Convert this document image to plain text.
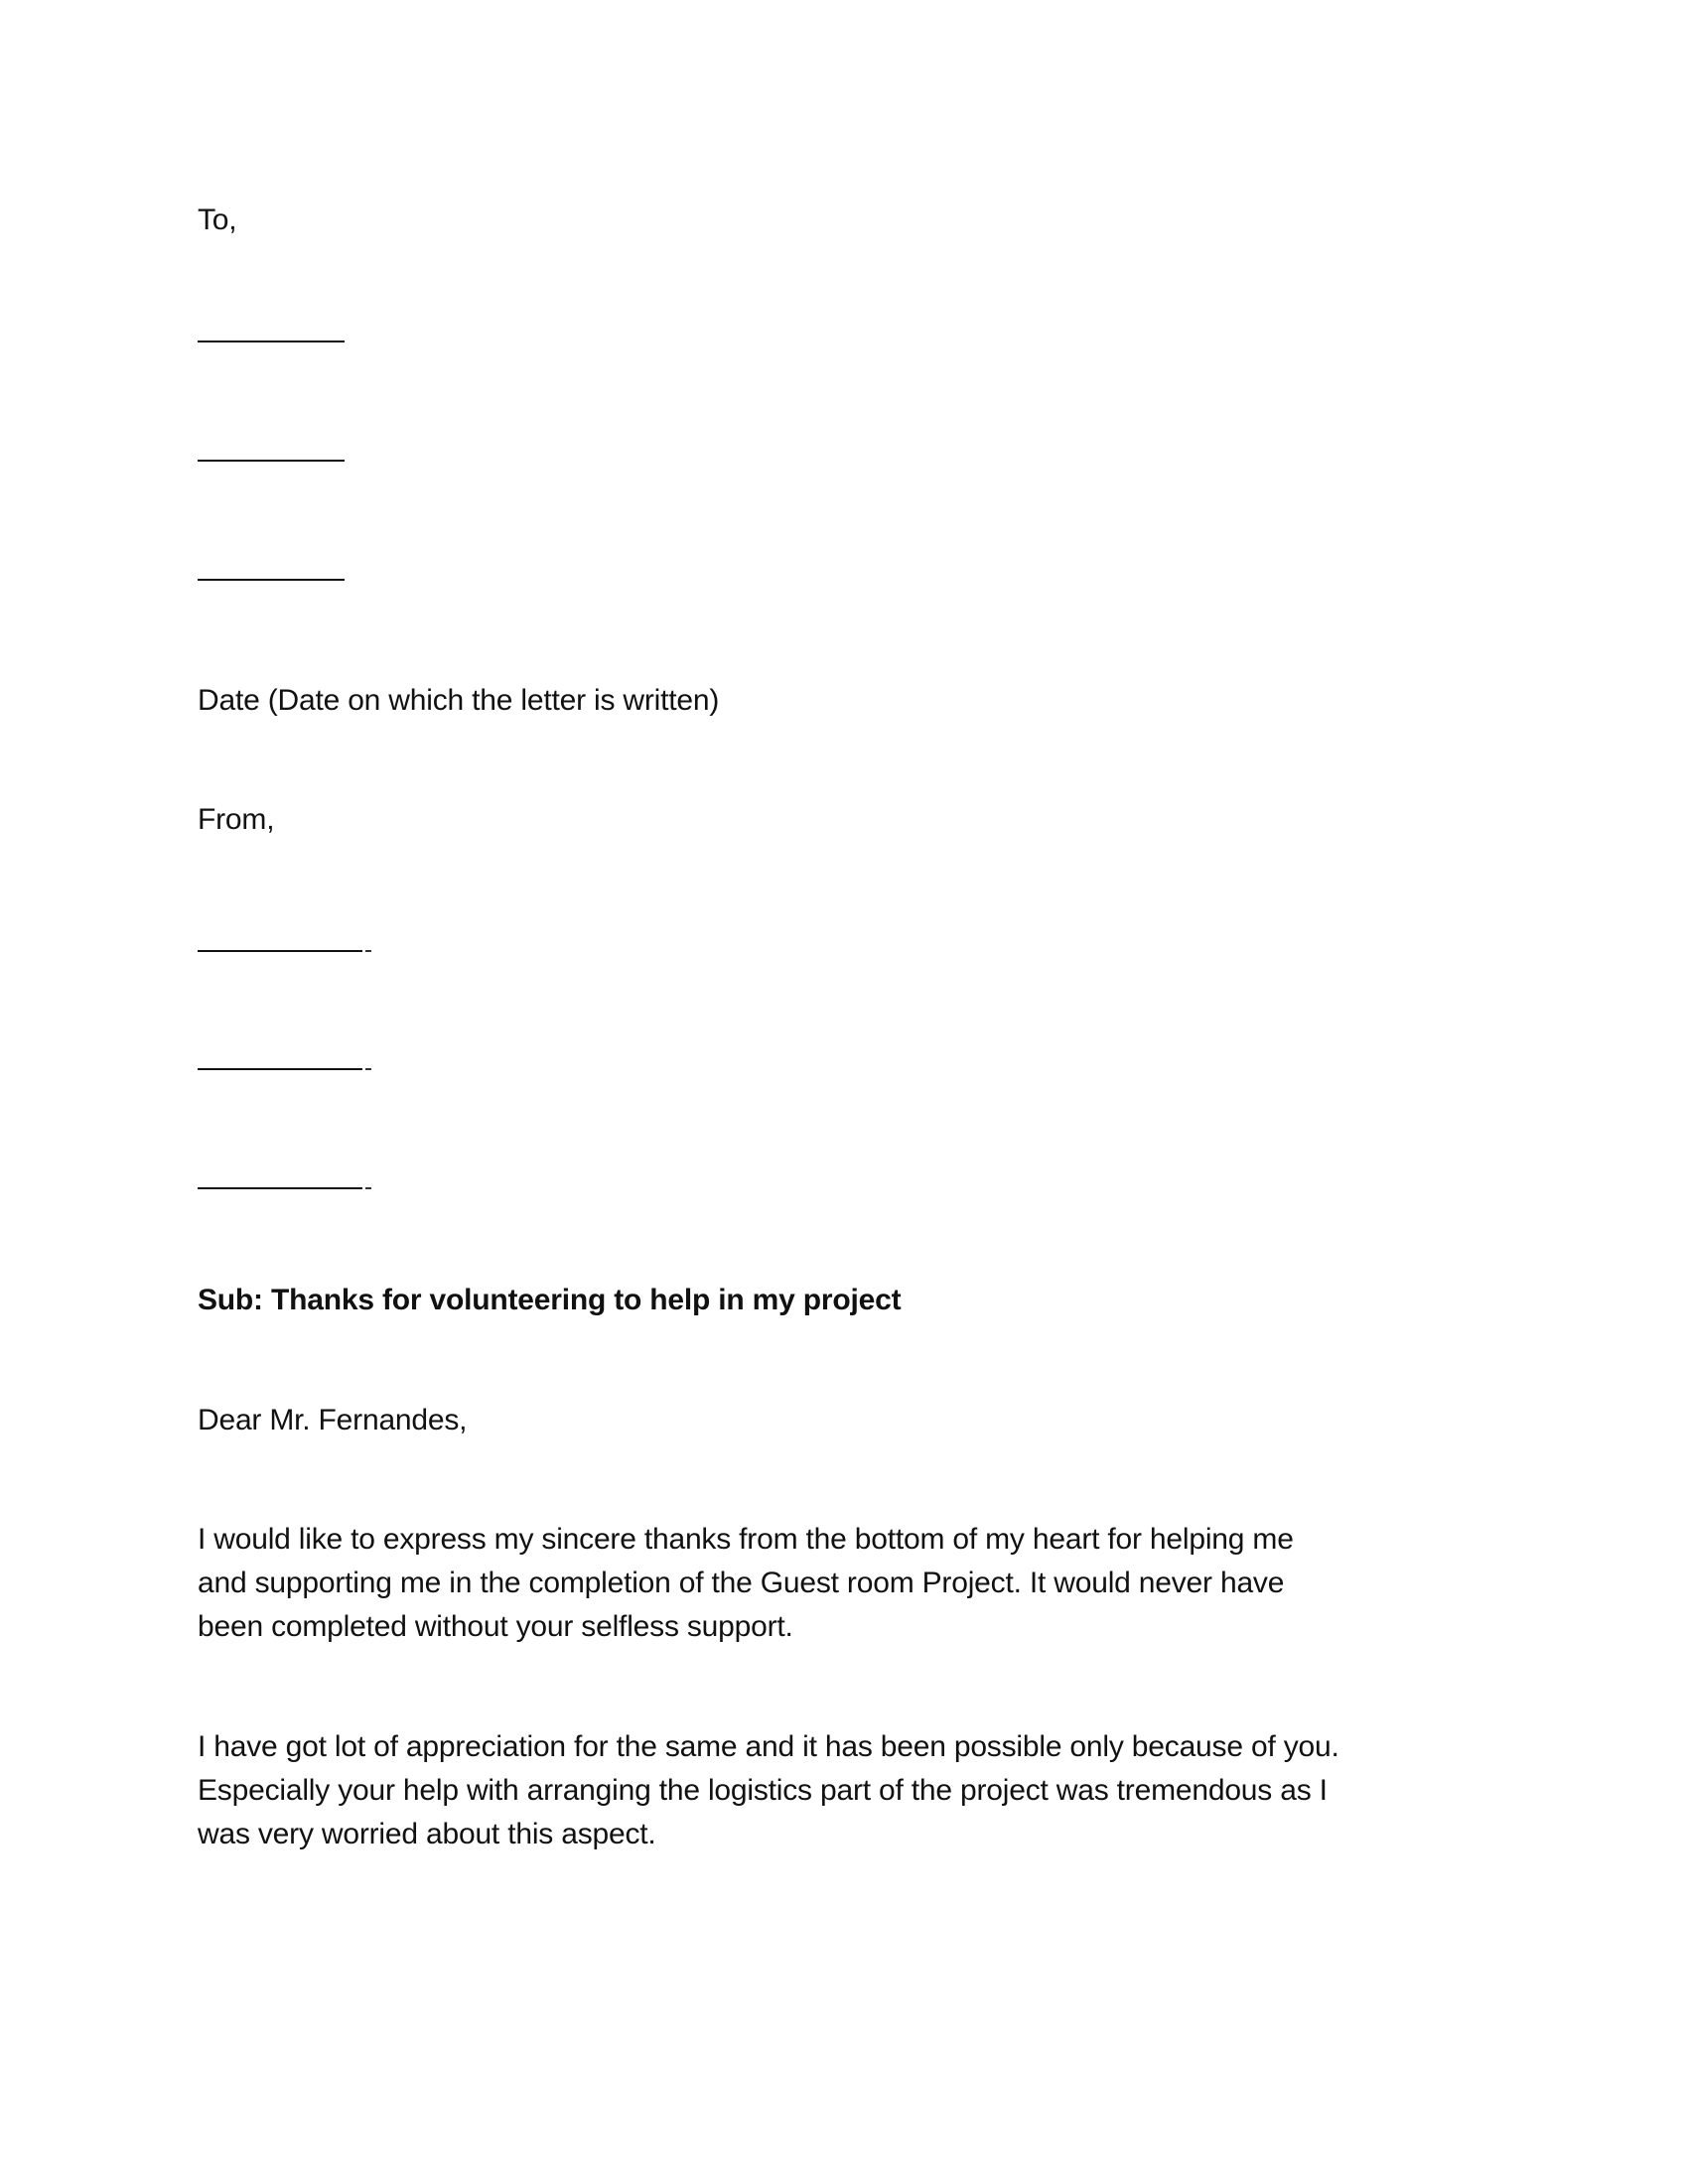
To,
Date (Date on which the letter is written)
From,
Sub: Thanks for volunteering to help in my project
Dear Mr. Fernandes,
I would like to express my sincere thanks from the bottom of my heart for helping me
and supporting me in the completion of the Guest room Project. It would never have
been completed without your selfless support.
I have got lot of appreciation for the same and it has been possible only because of you.
Especially your help with arranging the logistics part of the project was tremendous as I
was very worried about this aspect.
